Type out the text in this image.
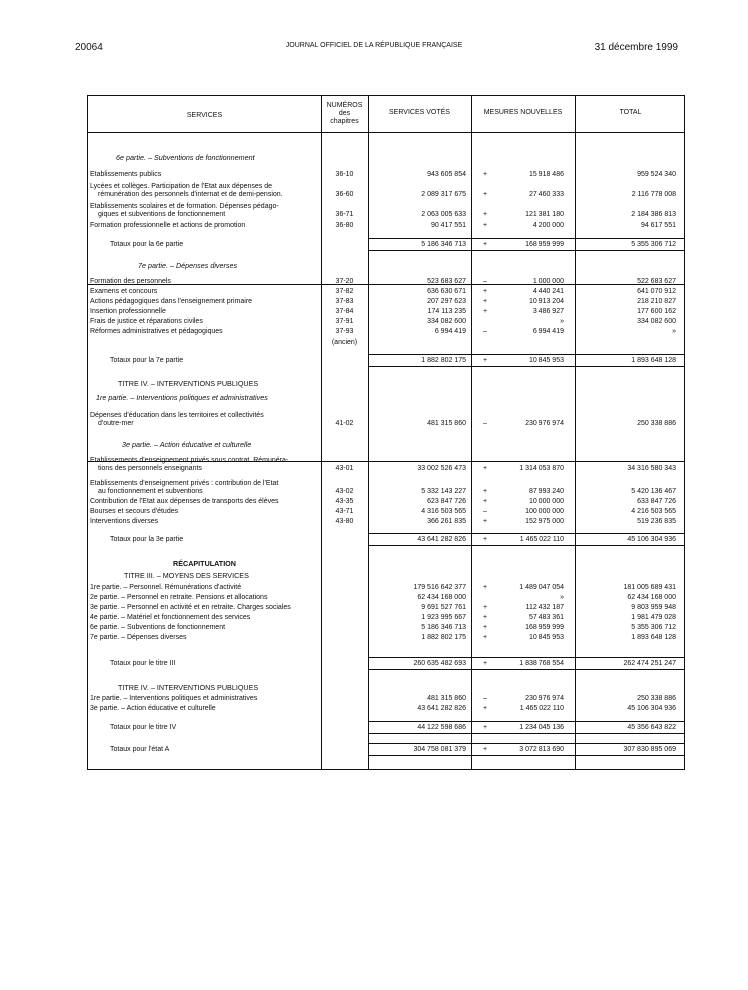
20064	JOURNAL OFFICIEL DE LA RÉPUBLIQUE FRANÇAISE	31 décembre 1999
SERVICES
NUMÉROS
des
chapitres
SERVICES VOTÉS	MESURES NOUVELLES	TOTAL
6e partie. – Subventions de fonctionnement
7e partie. – Dépenses diverses
(ancien)
TITRE IV. – INTERVENTIONS PUBLIQUES
1re partie. – Interventions politiques et administratives
3e partie. – Action éducative et culturelle
RÉCAPITULATION
TITRE III. – MOYENS DES SERVICES
TITRE IV. – INTERVENTIONS PUBLIQUES
Etablissements publics	36-10	943 605 854	+	15 918 486	959 524 340
Lycées et collèges. Participation de l'Etat aux dépenses de
rémunération des personnels d'internat et de demi-pension.	36-60	2 089 317 675	+	27 460 333	2 116 778 008
Etablissements scolaires et de formation. Dépenses pédago-
giques et subventions de fonctionnement	36-71	2 063 005 633	+	121 381 180	2 184 386 813
Formation professionnelle et actions de promotion	36-80	90 417 551	+	4 200 000	94 617 551
Totaux pour la 6e partie	5 186 346 713	+	168 959 999	5 355 306 712
Formation des personnels	37-20	523 683 627	–	1 000 000	522 683 627
Examens et concours	37-82	636 630 671	+	4 440 241	641 070 912
Actions pédagogiques dans l'enseignement primaire	37-83	207 297 623	+	10 913 204	218 210 827
Insertion professionnelle	37-84	174 113 235	+	3 486 927	177 600 162
Frais de justice et réparations civiles	37-91	334 082 600	»	334 082 600
Réformes administratives et pédagogiques	37-93	6 994 419	–	6 994 419	»
Totaux pour la 7e partie	1 882 802 175	+	10 845 953	1 893 648 128
Dépenses d'éducation dans les territoires et collectivités
d'outre-mer	41-02	481 315 860	–	230 976 974	250 338 886
Etablissements d'enseignement privés sous contrat. Rémunéra-
tions des personnels enseignants	43-01	33 002 526 473	+	1 314 053 870	34 316 580 343
Etablissements d'enseignement privés : contribution de l'Etat
au fonctionnement et subventions	43-02	5 332 143 227	+	87 993 240	5 420 136 467
Contribution de l'Etat aux dépenses de transports des élèves	43-35	623 847 726	+	10 000 000	633 847 726
Bourses et secours d'études	43-71	4 316 503 565	–	100 000 000	4 216 503 565
Interventions diverses	43-80	366 261 835	+	152 975 000	519 236 835
Totaux pour la 3e partie	43 641 282 826	+	1 465 022 110	45 106 304 936
1re partie. – Personnel. Rémunérations d'activité	179 516 642 377	+	1 489 047 054	181 005 689 431
2e partie. – Personnel en retraite. Pensions et allocations	62 434 168 000	»	62 434 168 000
3e partie. – Personnel en activité et en retraite. Charges sociales	9 691 527 761	+	112 432 187	9 803 959 948
4e partie. – Matériel et fonctionnement des services	1 923 995 667	+	57 483 361	1 981 479 028
6e partie. – Subventions de fonctionnement	5 186 346 713	+	168 959 999	5 355 306 712
7e partie. – Dépenses diverses	1 882 802 175	+	10 845 953	1 893 648 128
Totaux pour le titre III	260 635 482 693	+	1 838 768 554	262 474 251 247
1re partie. – Interventions politiques et administratives	481 315 860	–	230 976 974	250 338 886
3e partie. – Action éducative et culturelle	43 641 282 826	+	1 465 022 110	45 106 304 936
Totaux pour le titre IV	44 122 598 686	+	1 234 045 136	45 356 643 822
Totaux pour l'état A	304 758 081 379	+	3 072 813 690	307 830 895 069
